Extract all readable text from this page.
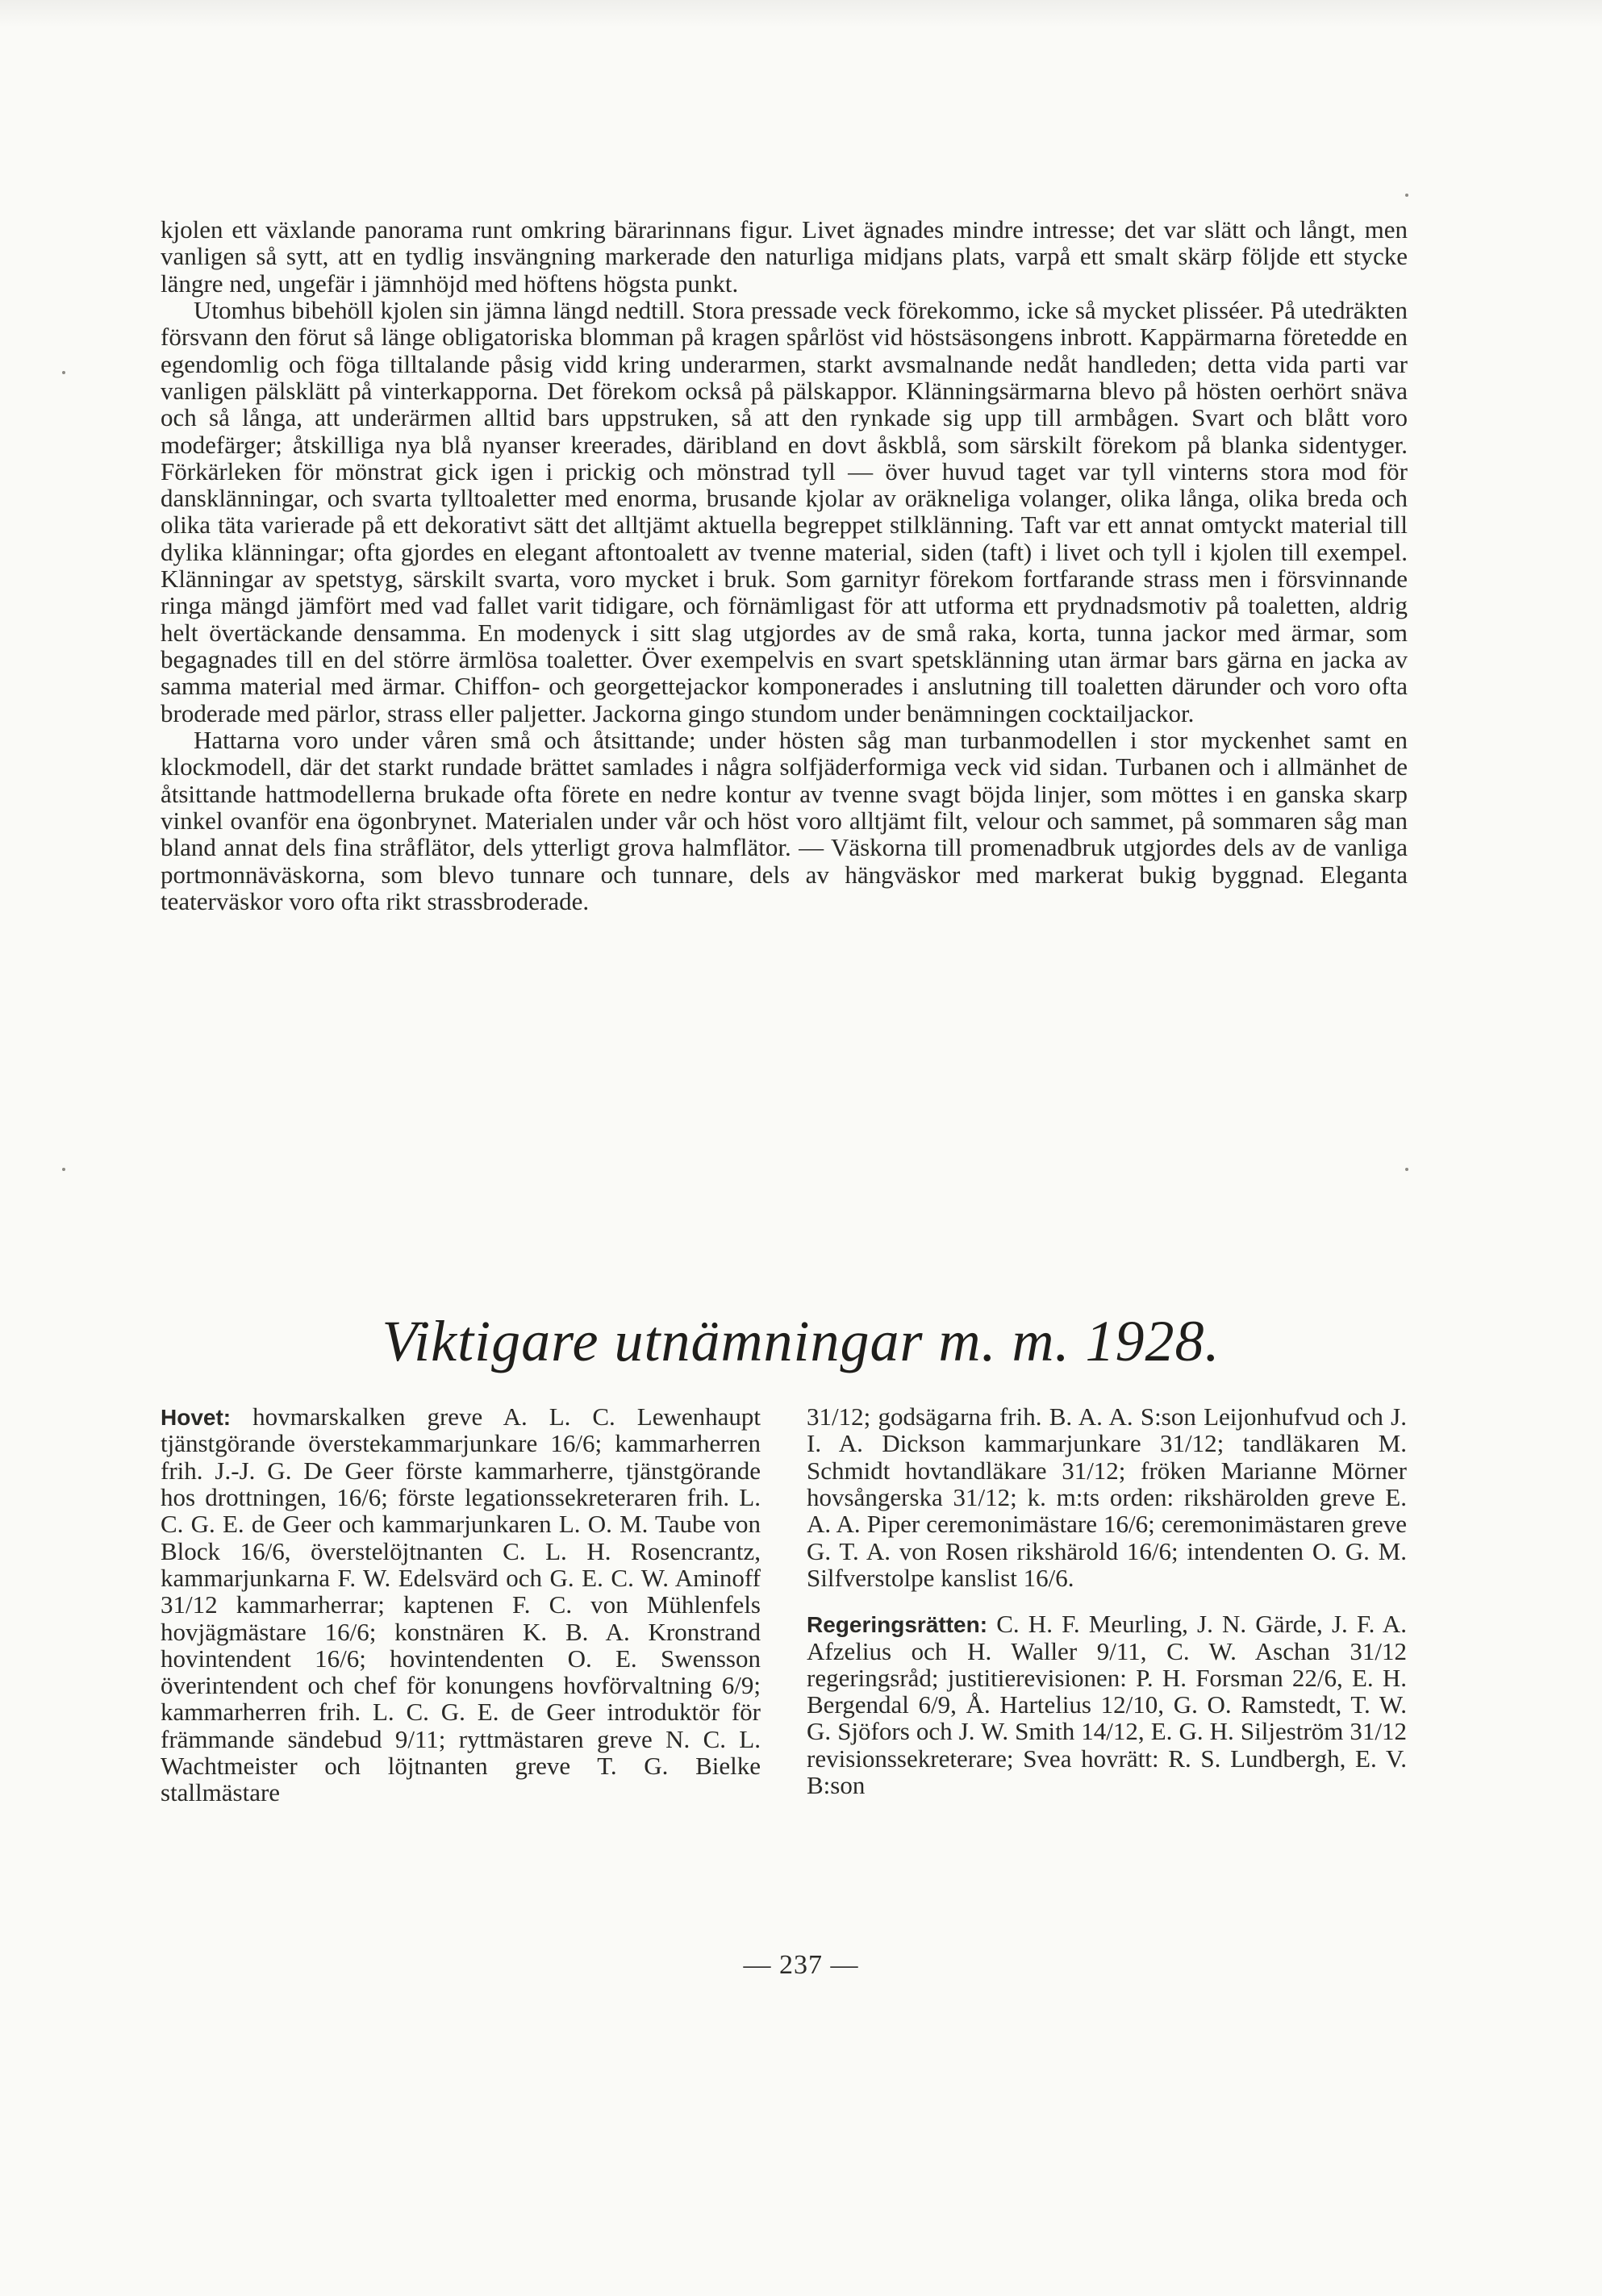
kjolen ett växlande panorama runt omkring bärarinnans figur. Livet ägnades mindre intresse; det var slätt och långt, men vanligen så sytt, att en tydlig insvängning markerade den naturliga midjans plats, varpå ett smalt skärp följde ett stycke längre ned, ungefär i jämnhöjd med höftens högsta punkt.

Utomhus bibehöll kjolen sin jämna längd nedtill. Stora pressade veck förekommo, icke så mycket plisséer. På utedräkten försvann den förut så länge obligatoriska blomman på kragen spårlöst vid höstsäsongens inbrott. Kappärmarna företedde en egendomlig och föga tilltalande påsig vidd kring underarmen, starkt avsmalnande nedåt handleden; detta vida parti var vanligen pälsklätt på vinterkapporna. Det förekom också på pälskappor. Klänningsärmarna blevo på hösten oerhört snäva och så långa, att underärmen alltid bars uppstruken, så att den rynkade sig upp till armbågen. Svart och blått voro modefärger; åtskilliga nya blå nyanser kreerades, däribland en dovt åskblå, som särskilt förekom på blanka sidentyger. Förkärleken för mönstrat gick igen i prickig och mönstrad tyll — över huvud taget var tyll vinterns stora mod för dansklänningar, och svarta tylltoaletter med enorma, brusande kjolar av oräkneliga volanger, olika långa, olika breda och olika täta varierade på ett dekorativt sätt det alltjämt aktuella begreppet stilklänning. Taft var ett annat omtyckt material till dylika klänningar; ofta gjordes en elegant aftontoalett av tvenne material, siden (taft) i livet och tyll i kjolen till exempel. Klänningar av spetstyg, särskilt svarta, voro mycket i bruk. Som garnityr förekom fortfarande strass men i försvinnande ringa mängd jämfört med vad fallet varit tidigare, och förnämligast för att utforma ett prydnadsmotiv på toaletten, aldrig helt övertäckande densamma. En modenyck i sitt slag utgjordes av de små raka, korta, tunna jackor med ärmar, som begagnades till en del större ärmlösa toaletter. Över exempelvis en svart spetsklänning utan ärmar bars gärna en jacka av samma material med ärmar. Chiffon- och georgettejackor komponerades i anslutning till toaletten därunder och voro ofta broderade med pärlor, strass eller paljetter. Jackorna gingo stundom under benämningen cocktailjackor.

Hattarna voro under våren små och åtsittande; under hösten såg man turbanmodellen i stor myckenhet samt en klockmodell, där det starkt rundade brättet samlades i några solfjäderformiga veck vid sidan. Turbanen och i allmänhet de åtsittande hattmodellerna brukade ofta förete en nedre kontur av tvenne svagt böjda linjer, som möttes i en ganska skarp vinkel ovanför ena ögonbrynet. Materialen under vår och höst voro alltjämt filt, velour och sammet, på sommaren såg man bland annat dels fina stråflätor, dels ytterligt grova halmflätor. — Väskorna till promenadbruk utgjordes dels av de vanliga portmonnäväskorna, som blevo tunnare och tunnare, dels av hängväskor med markerat bukig byggnad. Eleganta teaterväskor voro ofta rikt strassbroderade.

Viktigare utnämningar m. m. 1928.

Hovet: hovmarskalken greve A. L. C. Lewenhaupt tjänstgörande överstekammarjunkare 16/6; kammarherren frih. J.-J. G. De Geer förste kammarherre, tjänstgörande hos drottningen, 16/6; förste legationssekreteraren frih. L. C. G. E. de Geer och kammarjunkaren L. O. M. Taube von Block 16/6, överstelöjtnanten C. L. H. Rosencrantz, kammarjunkarna F. W. Edelsvärd och G. E. C. W. Aminoff 31/12 kammarherrar; kaptenen F. C. von Mühlenfels hovjägmästare 16/6; konstnären K. B. A. Kronstrand hovintendent 16/6; hovintendenten O. E. Swensson överintendent och chef för konungens hovförvaltning 6/9; kammarherren frih. L. C. G. E. de Geer introduktör för främmande sändebud 9/11; ryttmästaren greve N. C. L. Wachtmeister och löjtnanten greve T. G. Bielke stallmästare

31/12; godsägarna frih. B. A. A. S:son Leijonhufvud och J. I. A. Dickson kammarjunkare 31/12; tandläkaren M. Schmidt hovtandläkare 31/12; fröken Marianne Mörner hovsångerska 31/12; k. m:ts orden: rikshärolden greve E. A. A. Piper ceremonimästare 16/6; ceremonimästaren greve G. T. A. von Rosen rikshärold 16/6; intendenten O. G. M. Silfverstolpe kanslist 16/6.

Regeringsrätten: C. H. F. Meurling, J. N. Gärde, J. F. A. Afzelius och H. Waller 9/11, C. W. Aschan 31/12 regeringsråd; justitierevisionen: P. H. Forsman 22/6, E. H. Bergendal 6/9, Å. Hartelius 12/10, G. O. Ramstedt, T. W. G. Sjöfors och J. W. Smith 14/12, E. G. H. Siljeström 31/12 revisionssekreterare; Svea hovrätt: R. S. Lundbergh, E. V. B:son

— 237 —
